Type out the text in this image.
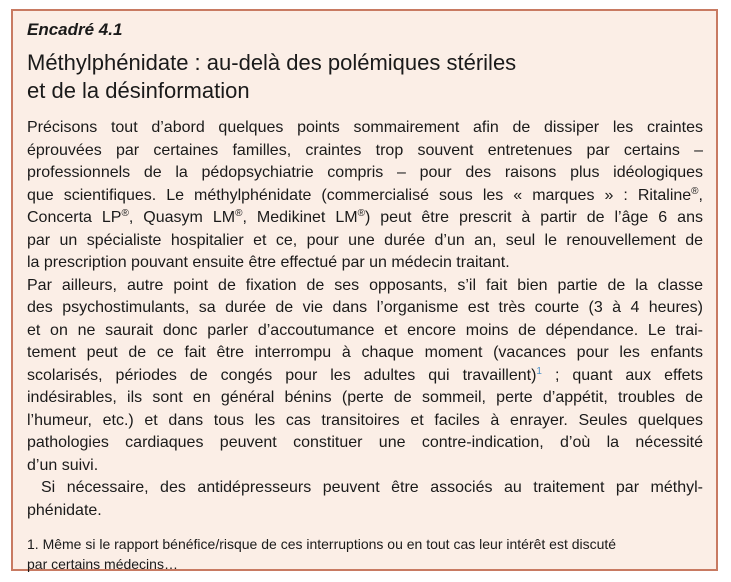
Encadré 4.1
Méthylphénidate : au-delà des polémiques stériles
et de la désinformation

Précisons tout d’abord quelques points sommairement afin de dissiper les craintes
éprouvées par certaines familles, craintes trop souvent entretenues par certains –
professionnels de la pédopsychiatrie compris – pour des raisons plus idéologiques
que scientifiques. Le méthylphénidate (commercialisé sous les « marques » : Ritaline®,
Concerta LP®, Quasym LM®, Medikinet LM®) peut être prescrit à partir de l’âge 6 ans
par un spécialiste hospitalier et ce, pour une durée d’un an, seul le renouvellement de
la prescription pouvant ensuite être effectué par un médecin traitant.

Par ailleurs, autre point de fixation de ses opposants, s’il fait bien partie de la classe
des psychostimulants, sa durée de vie dans l’organisme est très courte (3 à 4 heures)
et on ne saurait donc parler d’accoutumance et encore moins de dépendance. Le trai-
tement peut de ce fait être interrompu à chaque moment (vacances pour les enfants
scolarisés, périodes de congés pour les adultes qui travaillent)$^1$ ; quant aux effets
indésirables, ils sont en général bénins (perte de sommeil, perte d’appétit, troubles de
l’humeur, etc.) et dans tous les cas transitoires et faciles à enrayer. Seules quelques
pathologies cardiaques peuvent constituer une contre-indication, d’où la nécessité
d’un suivi.

Si nécessaire, des antidépresseurs peuvent être associés au traitement par méthyl-
phénidate.

1. Même si le rapport bénéfice/risque de ces interruptions ou en tout cas leur intérêt est discuté
par certains médecins…
